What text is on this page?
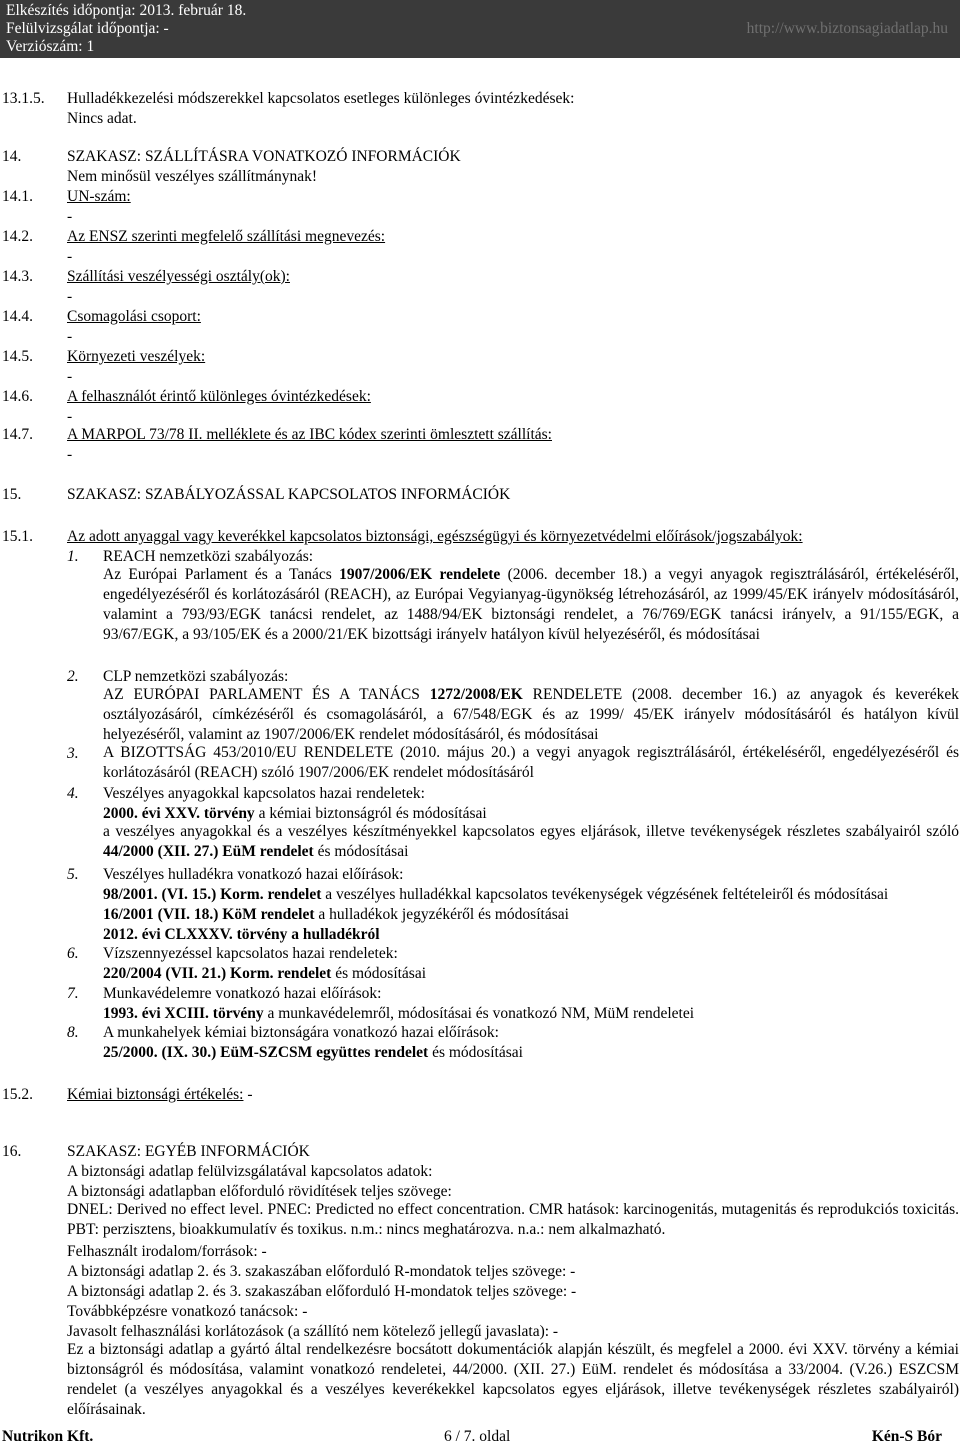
Elkészítés időpontja: 2013. február 18.
Felülvizsgálat időpontja: -
Verziószám: 1
http://www.biztonsagiadatlap.hu
13.1.5. Hulladékkezelési módszerekkel kapcsolatos esetleges különleges óvintézkedések:
Nincs adat.
14.	SZAKASZ: SZÁLLÍTÁSRA VONATKOZÓ INFORMÁCIÓK
Nem minősül veszélyes szállítmánynak!
14.1. UN-szám:
-
14.2. Az ENSZ szerinti megfelelő szállítási megnevezés:
-
14.3. Szállítási veszélyességi osztály(ok):
-
14.4. Csomagolási csoport:
-
14.5. Környezeti veszélyek:
-
14.6. A felhasználót érintő különleges óvintézkedések:
-
14.7. A MARPOL 73/78 II. melléklete és az IBC kódex szerinti ömlesztett szállítás:
-
15.	SZAKASZ: SZABÁLYOZÁSSAL KAPCSOLATOS INFORMÁCIÓK
15.1. Az adott anyaggal vagy keverékkel kapcsolatos biztonsági, egészségügyi és környezetvédelmi előírások/jogszabályok:
1. REACH nemzetközi szabályozás:
Az Európai Parlament és a Tanács 1907/2006/EK rendelete (2006. december 18.) a vegyi anyagok regisztrálásáról, értékeléséről, engedélyezéséről és korlátozásáról (REACH), az Európai Vegyianyag-ügynökség létrehozásáról, az 1999/45/EK irányelv módosításáról, valamint a 793/93/EGK tanácsi rendelet, az 1488/94/EK biztonsági rendelet, a 76/769/EGK tanácsi irányelv, a 91/155/EGK, a 93/67/EGK, a 93/105/EK és a 2000/21/EK bizottsági irányelv hatályon kívül helyezéséről, és módosításai
2. CLP nemzetközi szabályozás:
AZ EURÓPAI PARLAMENT ÉS A TANÁCS 1272/2008/EK RENDELETE (2008. december 16.) az anyagok és keverékek osztályozásáról, címkézéséről és csomagolásáról, a 67/548/EGK és az 1999/ 45/EK irányelv módosításáról és hatályon kívül helyezéséről, valamint az 1907/2006/EK rendelet módosításáról, és módosításai
3. A BIZOTTSÁG 453/2010/EU RENDELETE (2010. május 20.) a vegyi anyagok regisztrálásáról, értékeléséről, engedélyezéséről és korlátozásáról (REACH) szóló 1907/2006/EK rendelet módosításáról
4. Veszélyes anyagokkal kapcsolatos hazai rendeletek:
2000. évi XXV. törvény a kémiai biztonságról és módosításai
a veszélyes anyagokkal és a veszélyes készítményekkel kapcsolatos egyes eljárások, illetve tevékenységek részletes szabályairól szóló 44/2000 (XII. 27.) EüM rendelet és módosításai
5. Veszélyes hulladékra vonatkozó hazai előírások:
98/2001. (VI. 15.) Korm. rendelet a veszélyes hulladékkal kapcsolatos tevékenységek végzésének feltételeiről és módosításai
16/2001 (VII. 18.) KöM rendelet a hulladékok jegyzékéről és módosításai
2012. évi CLXXXV. törvény a hulladékról
6. Vízszennyezéssel kapcsolatos hazai rendeletek:
220/2004 (VII. 21.) Korm. rendelet és módosításai
7. Munkavédelemre vonatkozó hazai előírások:
1993. évi XCIII. törvény a munkavédelemről, módosításai és vonatkozó NM, MüM rendeletei
8. A munkahelyek kémiai biztonságára vonatkozó hazai előírások:
25/2000. (IX. 30.) EüM-SZCSM együttes rendelet és módosításai
15.2. Kémiai biztonsági értékelés: -
16.	SZAKASZ: EGYÉB INFORMÁCIÓK
A biztonsági adatlap felülvizsgálatával kapcsolatos adatok:
A biztonsági adatlapban előforduló rövidítések teljes szövege:
DNEL: Derived no effect level. PNEC: Predicted no effect concentration. CMR hatások: karcinogenitás, mutagenitás és reprodukciós toxicitás. PBT: perzisztens, bioakkumulatív és toxikus. n.m.: nincs meghatározva. n.a.: nem alkalmazható.
Felhasznált irodalom/források: -
A biztonsági adatlap 2. és 3. szakaszában előforduló R-mondatok teljes szövege: -
A biztonsági adatlap 2. és 3. szakaszában előforduló H-mondatok teljes szövege: -
Továbbképzésre vonatkozó tanácsok: -
Javasolt felhasználási korlátozások (a szállító nem kötelező jellegű javaslata): -
Ez a biztonsági adatlap a gyártó által rendelkezésre bocsátott dokumentációk alapján készült, és megfelel a 2000. évi XXV. törvény a kémiai biztonságról és módosítása, valamint vonatkozó rendeletei, 44/2000. (XII. 27.) EüM. rendelet és módosítása a 33/2004. (V.26.) ESZCSM rendelet (a veszélyes anyagokkal és a veszélyes keverékekkel kapcsolatos egyes eljárások, illetve tevékenységek részletes szabályairól) előírásainak.
Nutrikon Kft.	6 / 7. oldal	Kén-S Bór
